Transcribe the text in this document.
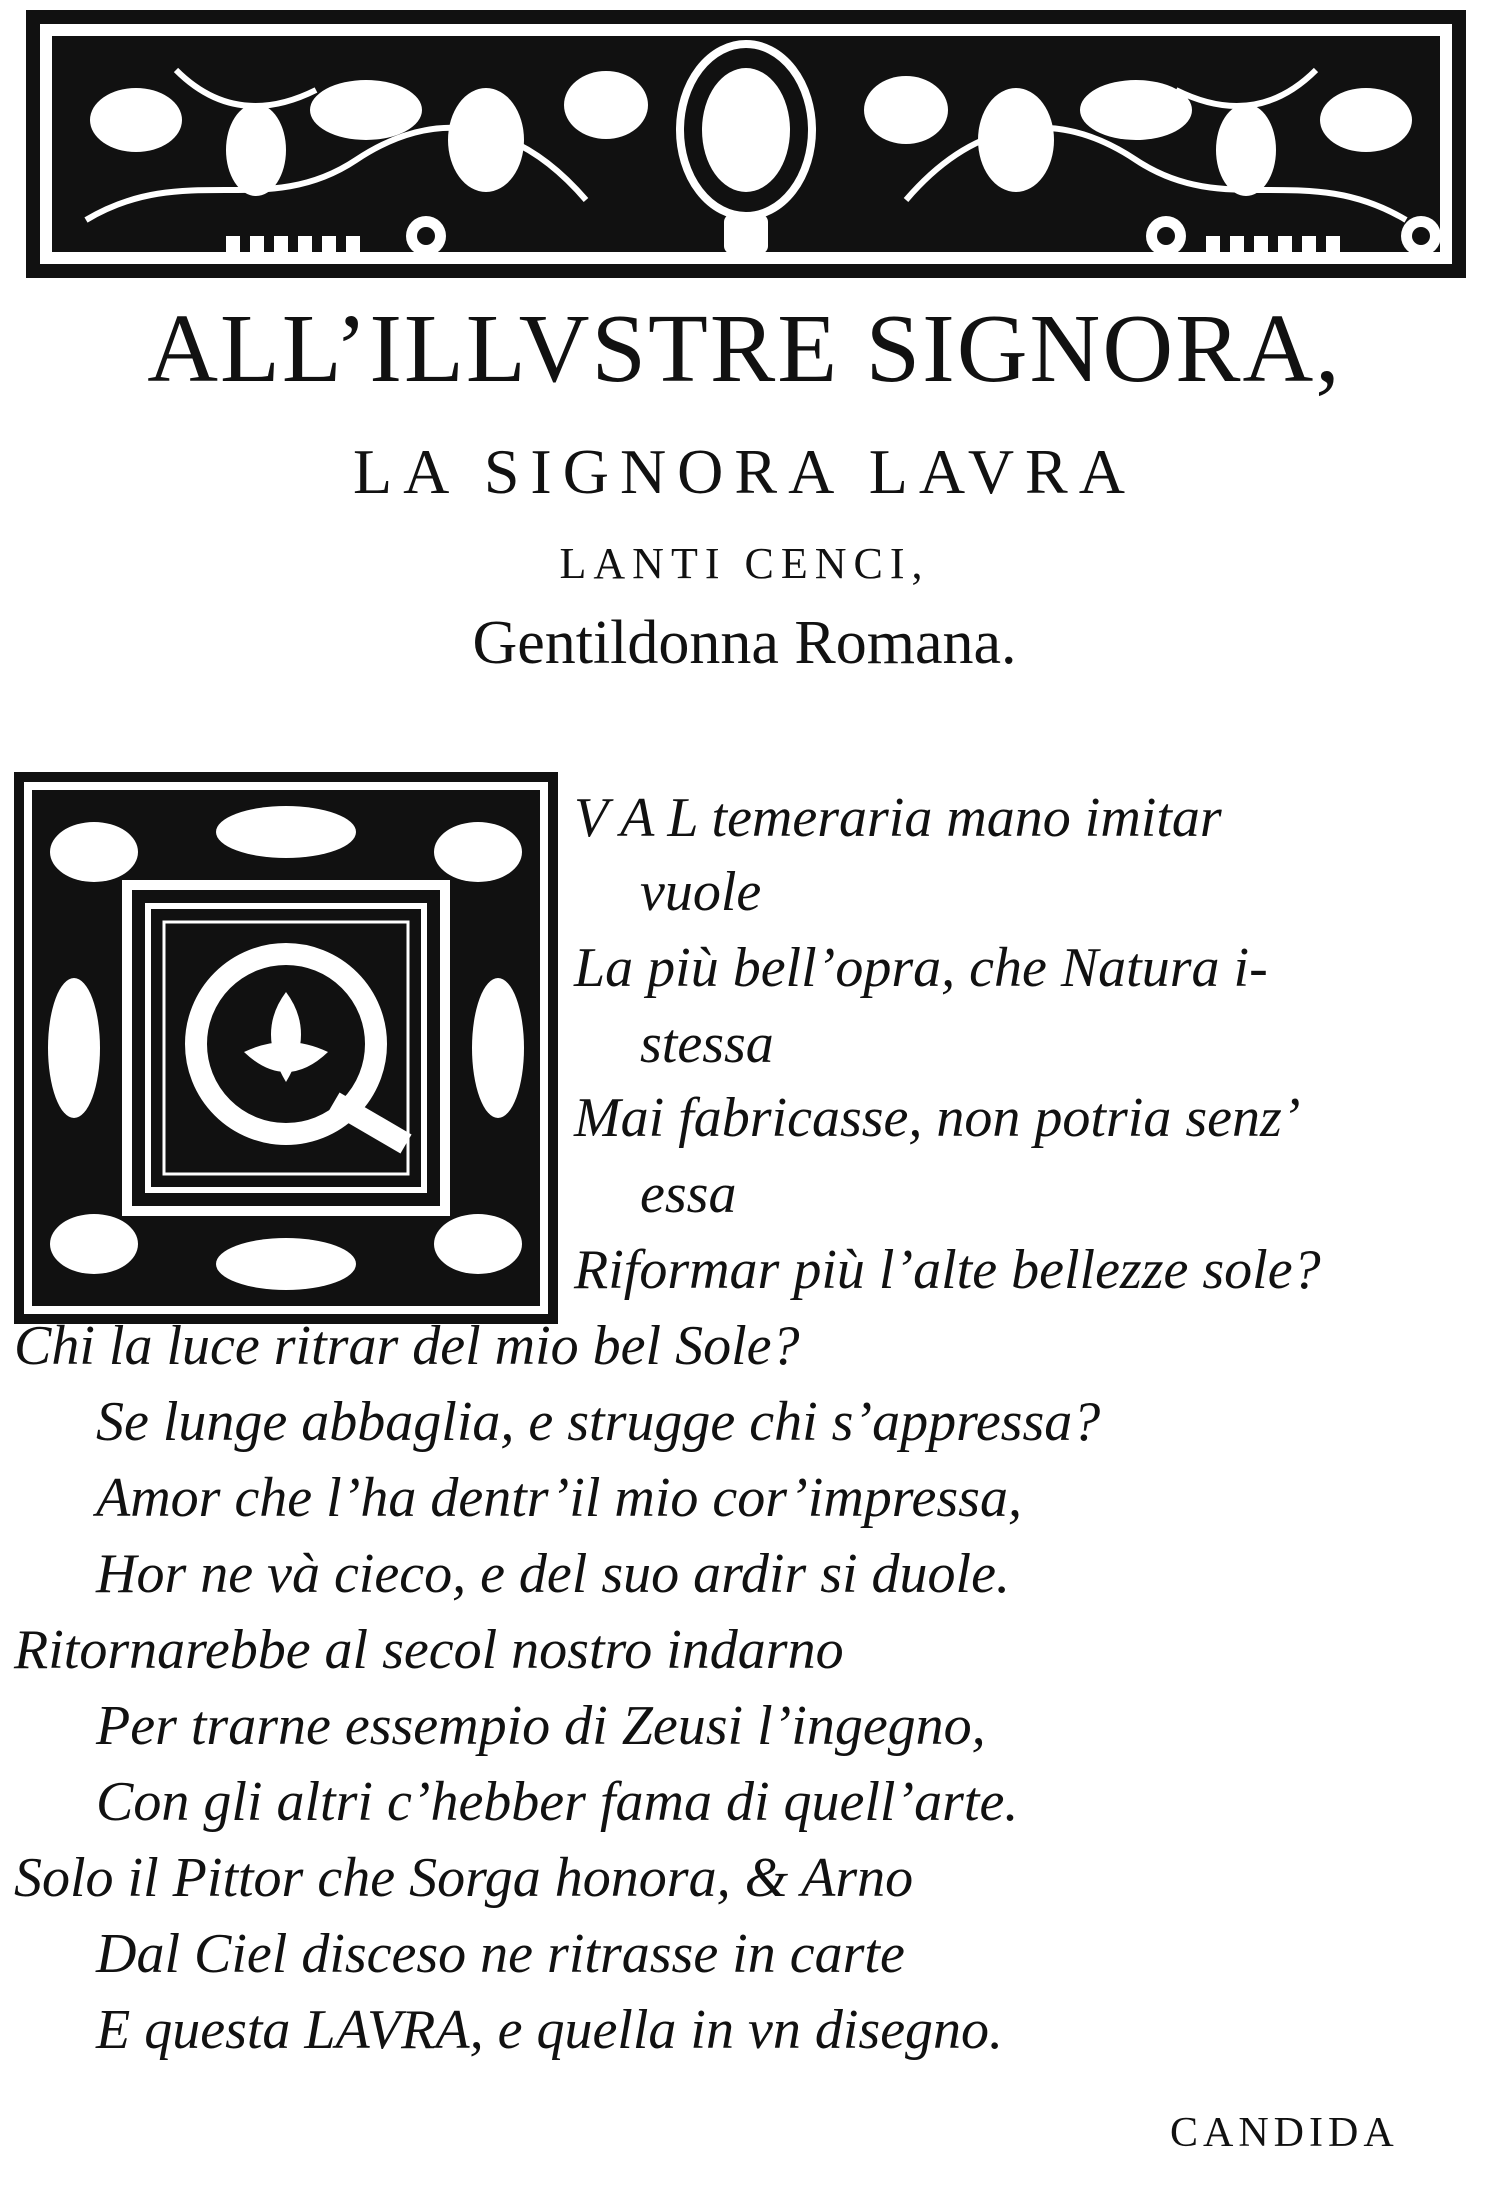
ALL’ILLVSTRE SIGNORA,
LA SIGNORA LAVRA
LANTI CENCI,
Gentildonna Romana.
V A L temeraria mano imitar
vuole
La più bell’opra, che Natura i-
stessa
Mai fabricasse, non potria senz’
essa
Riformar più l’alte bellezze sole?
Chi la luce ritrar del mio bel Sole?
Se lunge abbaglia, e strugge chi s’appressa?
Amor che l’ha dentr’il mio cor’impressa,
Hor ne và cieco, e del suo ardir si duole.
Ritornarebbe al secol nostro indarno
Per trarne essempio di Zeusi l’ingegno,
Con gli altri c’hebber fama di quell’arte.
Solo il Pittor che Sorga honora, & Arno
Dal Ciel disceso ne ritrasse in carte
E questa LAVRA, e quella in vn disegno.
CANDIDA
